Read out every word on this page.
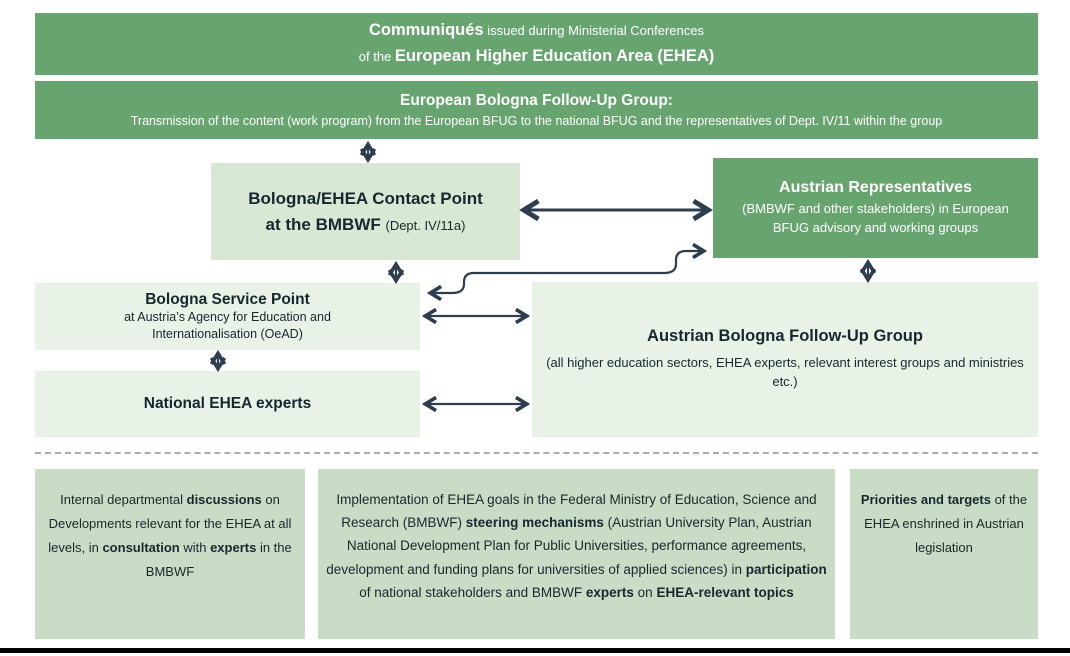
Communiqués issued during Ministerial Conferences
of the European Higher Education Area (EHEA)
European Bologna Follow-Up Group:
Transmission of the content (work program) from the European BFUG to the national BFUG and the representatives of Dept. IV/11 within the group
Bologna/EHEA Contact Point
at the BMBWF (Dept. IV/11a)
Austrian Representatives
(BMBWF and other stakeholders) in European BFUG advisory and working groups
Bologna Service Point
at Austria’s Agency for Education and
Internationalisation (OeAD)	Austrian Bologna Follow-Up Group
(all higher education sectors, EHEA experts, relevant interest groups and ministries etc.)
National EHEA experts
Internal departmental discussions on Developments relevant for the EHEA at all levels, in consultation with experts in the BMBWF
Implementation of EHEA goals in the Federal Ministry of Education, Science and Research (BMBWF) steering mechanisms (Austrian University Plan, Austrian National Development Plan for Public Universities, performance agreements, development and funding plans for universities of applied sciences) in participation of national stakeholders and BMBWF experts on EHEA-relevant topics
Priorities and targets of the EHEA enshrined in Austrian legislation
